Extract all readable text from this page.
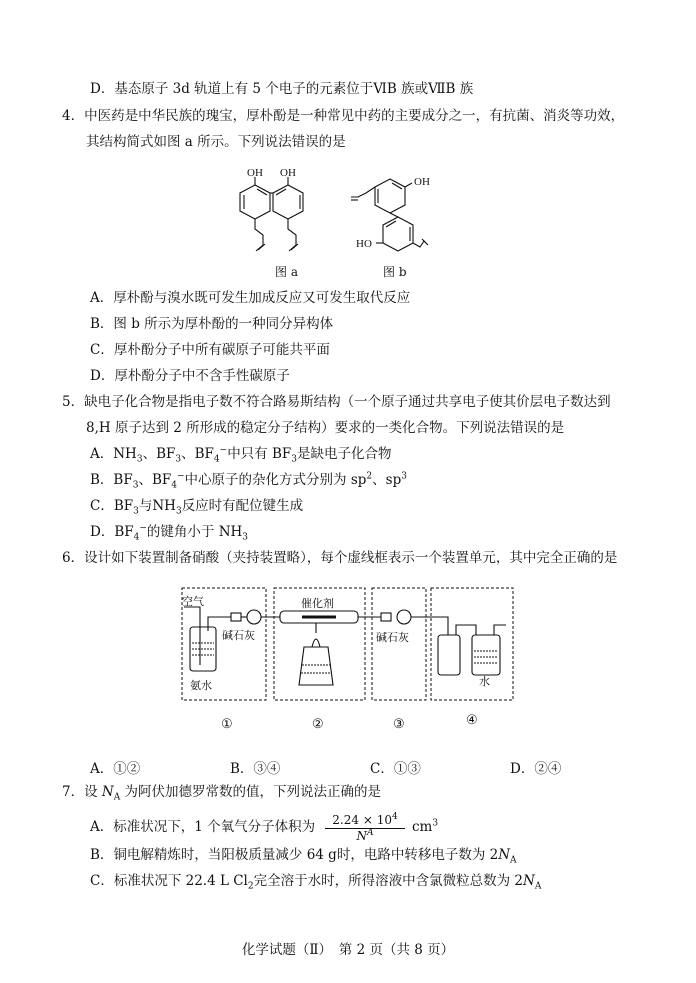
D．基态原子 3d 轨道上有 5 个电子的元素位于ⅥB 族或ⅦB 族
4．中医药是中华民族的瑰宝，厚朴酚是一种常见中药的主要成分之一，有抗菌、消炎等功效，
其结构简式如图 a 所示。下列说法错误的是
OH OH
OH
HO
图 a	图 b
A．厚朴酚与溴水既可发生加成反应又可发生取代反应
B．图 b 所示为厚朴酚的一种同分异构体
C．厚朴酚分子中所有碳原子可能共平面
D．厚朴酚分子中不含手性碳原子
5．缺电子化合物是指电子数不符合路易斯结构（一个原子通过共享电子使其价层电子数达到
8,H 原子达到 2 所形成的稳定分子结构）要求的一类化合物。下列说法错误的是
A．$NH_3$、$BF_3$、$BF_4^-$中只有 $BF_3$是缺电子化合物
B．$BF_3$、$BF_4^-$中心原子的杂化方式分别为 $sp^2$、$sp^3$
C．$BF_3$与$NH_3$反应时有配位键生成
D．$BF_4^-$的键角小于 $NH_3$
6．设计如下装置制备硝酸（夹持装置略），每个虚线框表示一个装置单元，其中完全正确的是
空气
碱石灰
氨水
催化剂
碱石灰
水
①	②	③	④
A．①②	B．③④	C．①③	D．②④
7．设 $N_A$ 为阿伏加德罗常数的值，下列说法正确的是
A．标准状况下，1 个氧气分子体积为 $\frac{2.24 \times 10^4}{N^A} cm^3$
B．铜电解精炼时，当阳极质量减少 64 g时，电路中转移电子数为 $2N_A$
C．标准状况下 22.4 L $Cl_2$完全溶于水时，所得溶液中含氯微粒总数为 $2N_A$
化学试题（Ⅱ）　第 2 页（共 8 页）
